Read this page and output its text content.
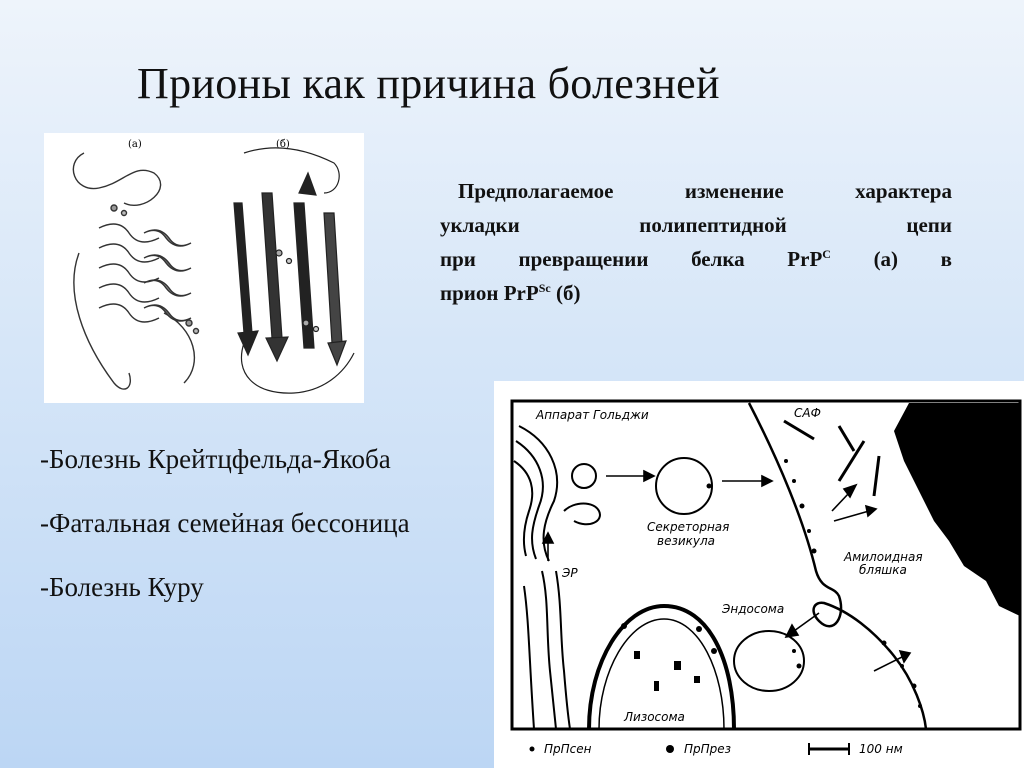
Прионы как причина болезней
(а)	(б)
Предполагаемое изменение характера
укладки полипептидной цепи
при превращении белка PrP$^C$ (а) в
прион PrP$^{Sc}$ (б)
-Болезнь Крейтцфельда-Якоба
-Фатальная семейная бессоница
-Болезнь Куру
Аппарат Гольджи	САФ
Секреторная
везикула
ЭР
Амилоидная
бляшка
Эндосома
Лизосома
ПрПсен	ПрПрез	100 нм
